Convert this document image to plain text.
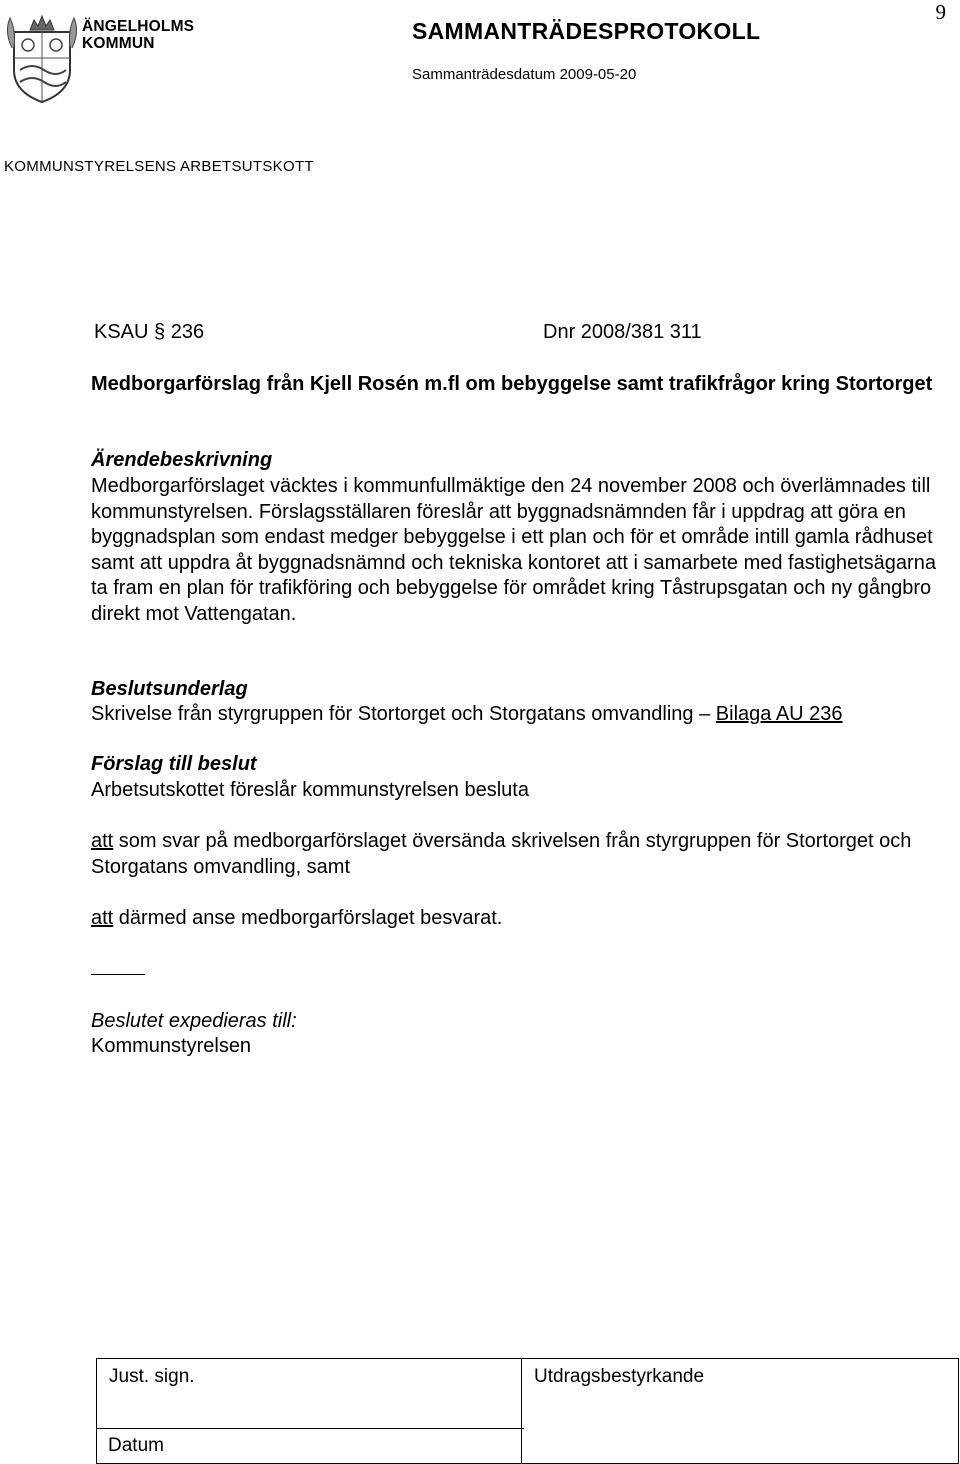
ÄNGELHOLMS
KOMMUN	SAMMANTRÄDESPROTOKOLL
Sammanträdesdatum 2009-05-20
9
KOMMUNSTYRELSENS ARBETSUTSKOTT
KSAU § 236	Dnr 2008/381 311
Medborgarförslag från Kjell Rosén m.fl om bebyggelse samt trafikfrågor kring Stortorget
Ärendebeskrivning
Medborgarförslaget väcktes i kommunfullmäktige den 24 november 2008 och överlämnades till kommunstyrelsen. Förslagsställaren föreslår att byggnadsnämnden får i uppdrag att göra en byggnadsplan som endast medger bebyggelse i ett plan och för et område intill gamla rådhuset samt att uppdra åt byggnadsnämnd och tekniska kontoret att i samarbete med fastighetsägarna ta fram en plan för trafikföring och bebyggelse för området kring Tåstrupsgatan och ny gångbro direkt mot Vattengatan.
Beslutsunderlag
Skrivelse från styrgruppen för Stortorget och Storgatans omvandling – Bilaga AU 236
Förslag till beslut
Arbetsutskottet föreslår kommunstyrelsen besluta
att som svar på medborgarförslaget översända skrivelsen från styrgruppen för Stortorget och Storgatans omvandling, samt
att därmed anse medborgarförslaget besvarat.
Beslutet expedieras till:
Kommunstyrelsen
Just. sign.	Utdragsbestyrkande

Datum
